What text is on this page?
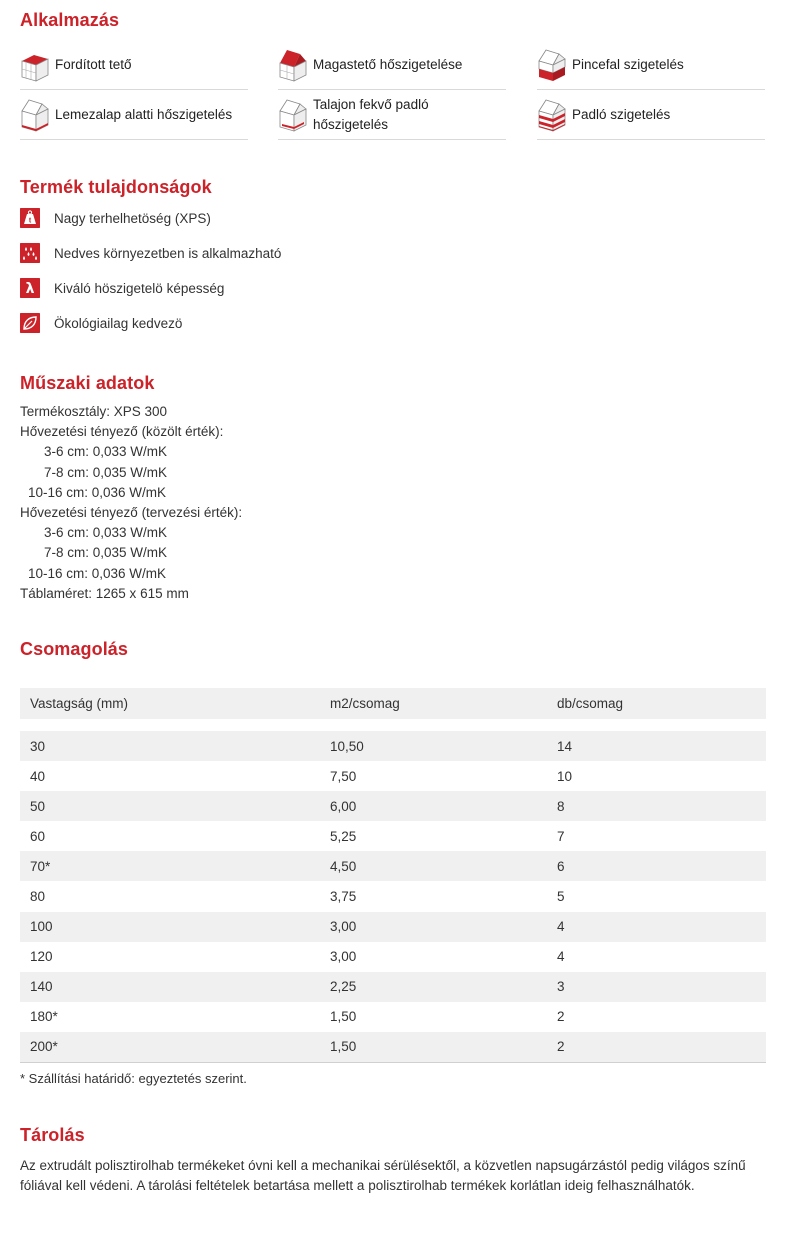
Alkalmazás
Fordított tető	Magastető hőszigetelése	Pincefal szigetelés
Lemezalap alatti hőszigetelés
Talajon fekvő padló hőszigetelés
Padló szigetelés
Termék tulajdonságok
t Nagy terhelhetöség (XPS)
Nedves környezetben is alkalmazható
λ Kiváló höszigetelö képesség
Ökológiailag kedvezö
Műszaki adatok
Termékosztály: XPS 300
Hővezetési tényező (közölt érték):
3-6 cm: 0,033 W/mK
7-8 cm: 0,035 W/mK
10-16 cm: 0,036 W/mK
Hővezetési tényező (tervezési érték):
3-6 cm: 0,033 W/mK
7-8 cm: 0,035 W/mK
10-16 cm: 0,036 W/mK
Táblaméret: 1265 x 615 mm
Csomagolás
Vastagság (mm)	m2/csomag	db/csomag
30	10,50	14
40	7,50	10
50	6,00	8
60	5,25	7
70*	4,50	6
80	3,75	5
100	3,00	4
120	3,00	4
140	2,25	3
180*	1,50	2
200*	1,50	2
* Szállítási határidő: egyeztetés szerint.
Tárolás
Az extrudált polisztirolhab termékeket óvni kell a mechanikai sérülésektől, a közvetlen napsugárzástól pedig világos színű fóliával kell védeni. A tárolási feltételek betartása mellett a polisztirolhab termékek korlátlan ideig felhasználhatók.
